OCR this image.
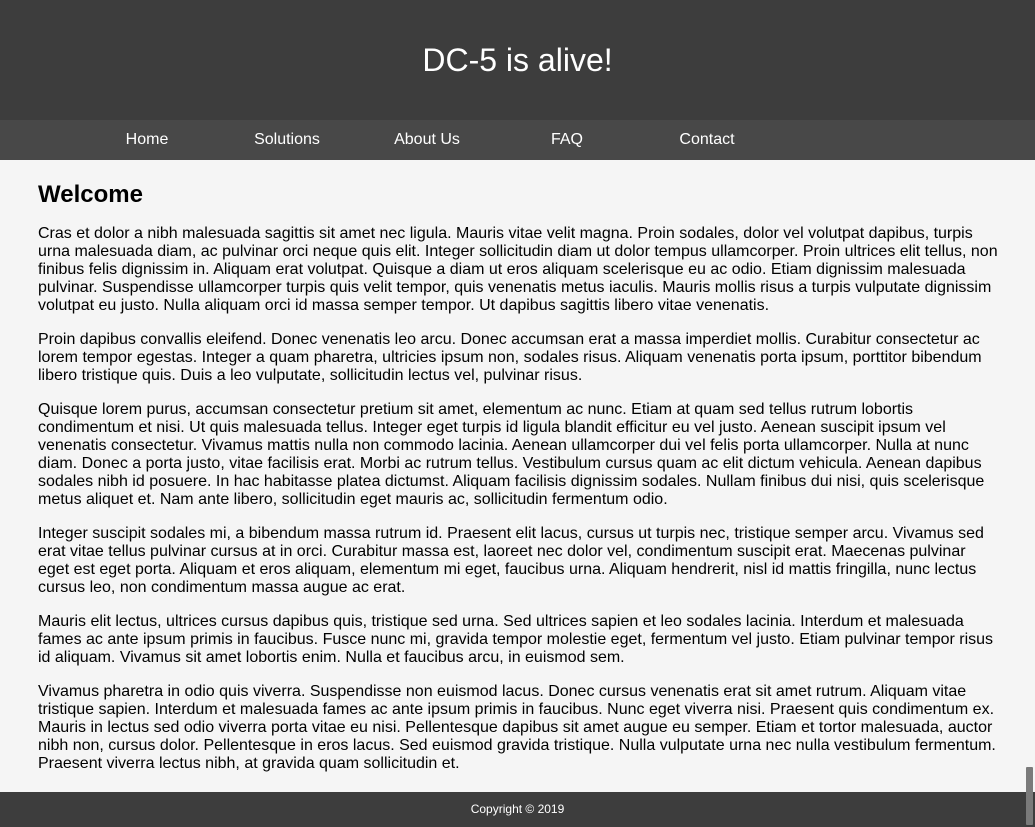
DC-5 is alive!
Home	Solutions	About Us	FAQ	Contact
Welcome

Cras et dolor a nibh malesuada sagittis sit amet nec ligula. Mauris vitae velit magna. Proin sodales, dolor vel volutpat dapibus, turpis urna malesuada diam, ac pulvinar orci neque quis elit. Integer sollicitudin diam ut dolor tempus ullamcorper. Proin ultrices elit tellus, non finibus felis dignissim in. Aliquam erat volutpat. Quisque a diam ut eros aliquam scelerisque eu ac odio. Etiam dignissim malesuada pulvinar. Suspendisse ullamcorper turpis quis velit tempor, quis venenatis metus iaculis. Mauris mollis risus a turpis vulputate dignissim volutpat eu justo. Nulla aliquam orci id massa semper tempor. Ut dapibus sagittis libero vitae venenatis.

Proin dapibus convallis eleifend. Donec venenatis leo arcu. Donec accumsan erat a massa imperdiet mollis. Curabitur consectetur ac lorem tempor egestas. Integer a quam pharetra, ultricies ipsum non, sodales risus. Aliquam venenatis porta ipsum, porttitor bibendum libero tristique quis. Duis a leo vulputate, sollicitudin lectus vel, pulvinar risus.

Quisque lorem purus, accumsan consectetur pretium sit amet, elementum ac nunc. Etiam at quam sed tellus rutrum lobortis condimentum et nisi. Ut quis malesuada tellus. Integer eget turpis id ligula blandit efficitur eu vel justo. Aenean suscipit ipsum vel venenatis consectetur. Vivamus mattis nulla non commodo lacinia. Aenean ullamcorper dui vel felis porta ullamcorper. Nulla at nunc diam. Donec a porta justo, vitae facilisis erat. Morbi ac rutrum tellus. Vestibulum cursus quam ac elit dictum vehicula. Aenean dapibus sodales nibh id posuere. In hac habitasse platea dictumst. Aliquam facilisis dignissim sodales. Nullam finibus dui nisi, quis scelerisque metus aliquet et. Nam ante libero, sollicitudin eget mauris ac, sollicitudin fermentum odio.

Integer suscipit sodales mi, a bibendum massa rutrum id. Praesent elit lacus, cursus ut turpis nec, tristique semper arcu. Vivamus sed erat vitae tellus pulvinar cursus at in orci. Curabitur massa est, laoreet nec dolor vel, condimentum suscipit erat. Maecenas pulvinar eget est eget porta. Aliquam et eros aliquam, elementum mi eget, faucibus urna. Aliquam hendrerit, nisl id mattis fringilla, nunc lectus cursus leo, non condimentum massa augue ac erat.

Mauris elit lectus, ultrices cursus dapibus quis, tristique sed urna. Sed ultrices sapien et leo sodales lacinia. Interdum et malesuada fames ac ante ipsum primis in faucibus. Fusce nunc mi, gravida tempor molestie eget, fermentum vel justo. Etiam pulvinar tempor risus id aliquam. Vivamus sit amet lobortis enim. Nulla et faucibus arcu, in euismod sem.

Vivamus pharetra in odio quis viverra. Suspendisse non euismod lacus. Donec cursus venenatis erat sit amet rutrum. Aliquam vitae tristique sapien. Interdum et malesuada fames ac ante ipsum primis in faucibus. Nunc eget viverra nisi. Praesent quis condimentum ex. Mauris in lectus sed odio viverra porta vitae eu nisi. Pellentesque dapibus sit amet augue eu semper. Etiam et tortor malesuada, auctor nibh non, cursus dolor. Pellentesque in eros lacus. Sed euismod gravida tristique. Nulla vulputate urna nec nulla vestibulum fermentum. Praesent viverra lectus nibh, at gravida quam sollicitudin et.

Copyright © 2019
